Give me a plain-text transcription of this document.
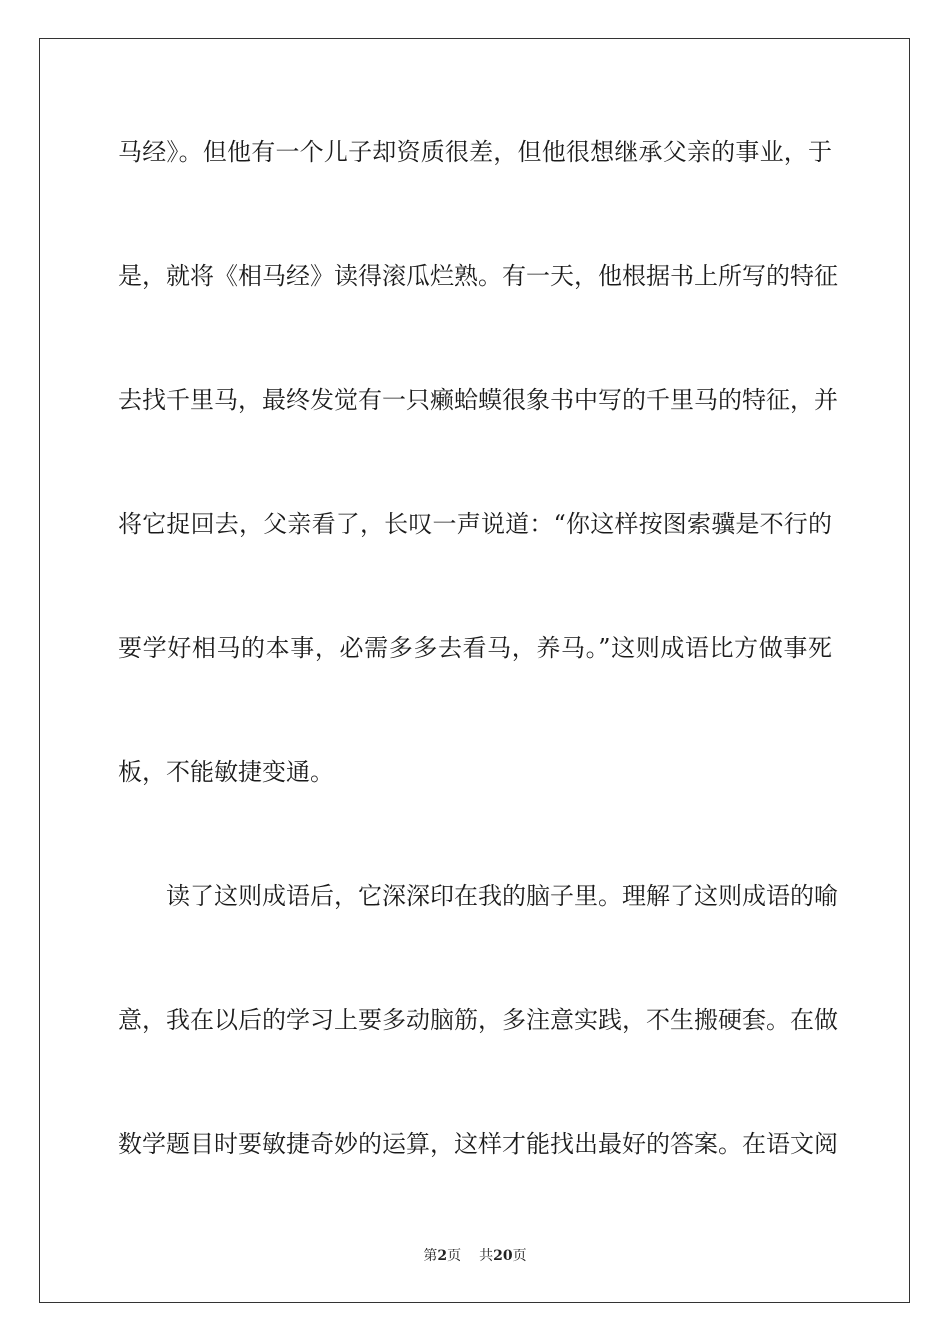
马经》。但他有一个儿子却资质很差，但他很想继承父亲的事业，于
是，就将《相马经》读得滚瓜烂熟。有一天，他根据书上所写的特征
去找千里马，最终发觉有一只癞蛤蟆很象书中写的千里马的特征，并
将它捉回去，父亲看了，长叹一声说道：“你这样按图索骥是不行的
要学好相马的本事，必需多多去看马，养马。”这则成语比方做事死
板，不能敏捷变通。
读了这则成语后，它深深印在我的脑子里。理解了这则成语的喻
意，我在以后的学习上要多动脑筋，多注意实践，不生搬硬套。在做
数学题目时要敏捷奇妙的运算，这样才能找出最好的答案。在语文阅
第2页 共20页
